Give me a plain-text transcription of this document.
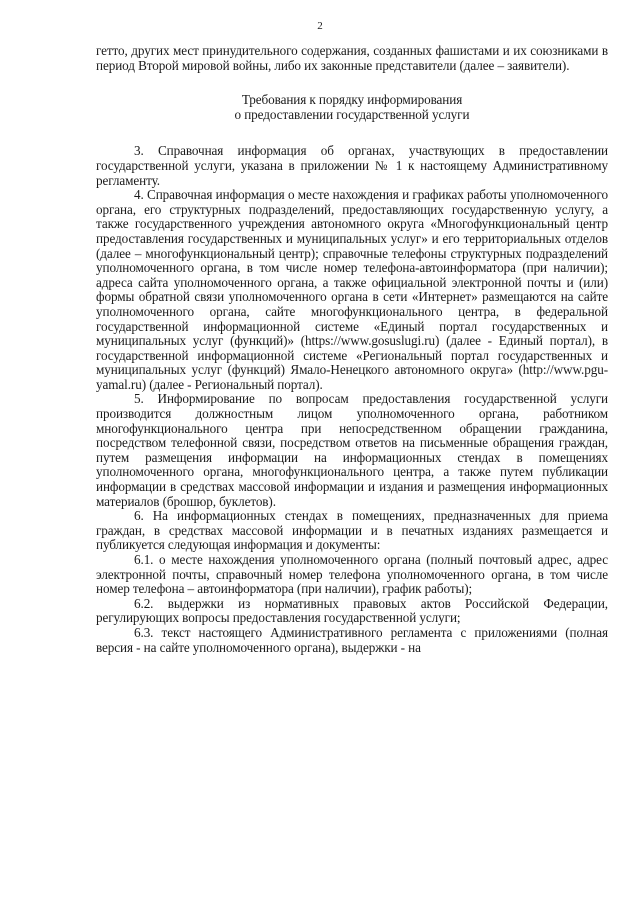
2

гетто, других мест принудительного содержания, созданных фашистами и их союзниками в период Второй мировой войны, либо их законные представители (далее – заявители).

Требования к порядку информирования

о предоставлении государственной услуги

3. Справочная информация об органах, участвующих в предоставлении государственной услуги, указана в приложении № 1 к настоящему Административному регламенту.

4. Справочная информация о месте нахождения и графиках работы уполномоченного органа, его структурных подразделений, предоставляющих государственную услугу, а также государственного учреждения автономного округа «Многофункциональный центр предоставления государственных и муниципальных услуг» и его территориальных отделов (далее – многофункциональный центр); справочные телефоны структурных подразделений уполномоченного органа, в том числе номер телефона-автоинформатора (при наличии); адреса сайта уполномоченного органа, а также официальной электронной почты и (или) формы обратной связи уполномоченного органа в сети «Интернет» размещаются на сайте уполномоченного органа, сайте многофункционального центра, в федеральной государственной информационной системе «Единый портал государственных и муниципальных услуг (функций)» (https://www.gosuslugi.ru) (далее - Единый портал), в государственной информационной системе «Региональный портал государственных и муниципальных услуг (функций) Ямало-Ненецкого автономного округа» (http://www.pgu-yamal.ru) (далее - Региональный портал).

5. Информирование по вопросам предоставления государственной услуги производится должностным лицом уполномоченного органа, работником многофункционального центра при непосредственном обращении гражданина, посредством телефонной связи, посредством ответов на письменные обращения граждан, путем размещения информации на информационных стендах в помещениях уполномоченного органа, многофункционального центра, а также путем публикации информации в средствах массовой информации и издания и размещения информационных материалов (брошюр, буклетов).

6. На информационных стендах в помещениях, предназначенных для приема граждан, в средствах массовой информации и в печатных изданиях размещается и публикуется следующая информация и документы:

6.1. о месте нахождения уполномоченного органа (полный почтовый адрес, адрес электронной почты, справочный номер телефона уполномоченного органа, в том числе номер телефона – автоинформатора (при наличии), график работы);

6.2. выдержки из нормативных правовых актов Российской Федерации, регулирующих вопросы предоставления государственной услуги;

6.3. текст настоящего Административного регламента с приложениями (полная версия - на сайте уполномоченного органа), выдержки - на
